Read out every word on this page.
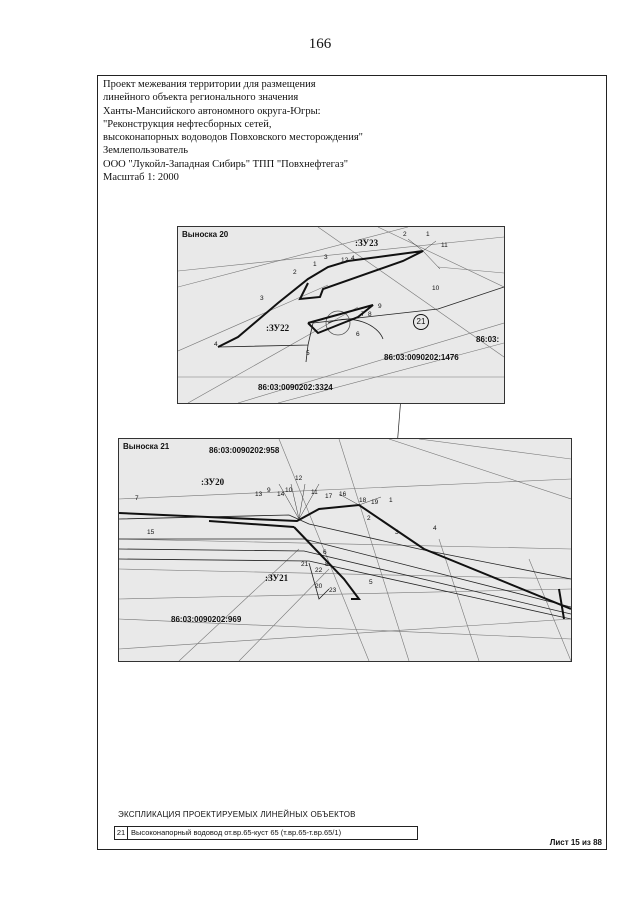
166
Проект межевания территории для размещения
линейного объекта регионального значения
Ханты-Мансийского автономного округа-Югры:
"Реконструкция нефтесборных сетей,
высоконапорных водоводов Повховского месторождения"
Землепользователь
ООО "Лукойл-Западная Сибирь" ТПП "Повхнефтегаз"
Масштаб 1: 2000
Выноска 20
:ЗУ23
:ЗУ22
86:03:0090202:1476
86:03:0090202:3324
86:03:
21
1
2
3	4
5
6
7 8
9
10
11
12
1
2
3
4
Выноска 21
:ЗУ20
:ЗУ21
86:03:0090202:958
86:03:0090202:969
1
2
3
4
5
6
7
8
9 10	11
12
13 14
15
16
17
18 19
20
21
22
23
ЭКСПЛИКАЦИЯ ПРОЕКТИРУЕМЫХ ЛИНЕЙНЫХ ОБЪЕКТОВ
21 Высоконапорный водовод от.вр.65-куст 65 (т.вр.65-т.вр.65/1)
Лист 15 из 88
